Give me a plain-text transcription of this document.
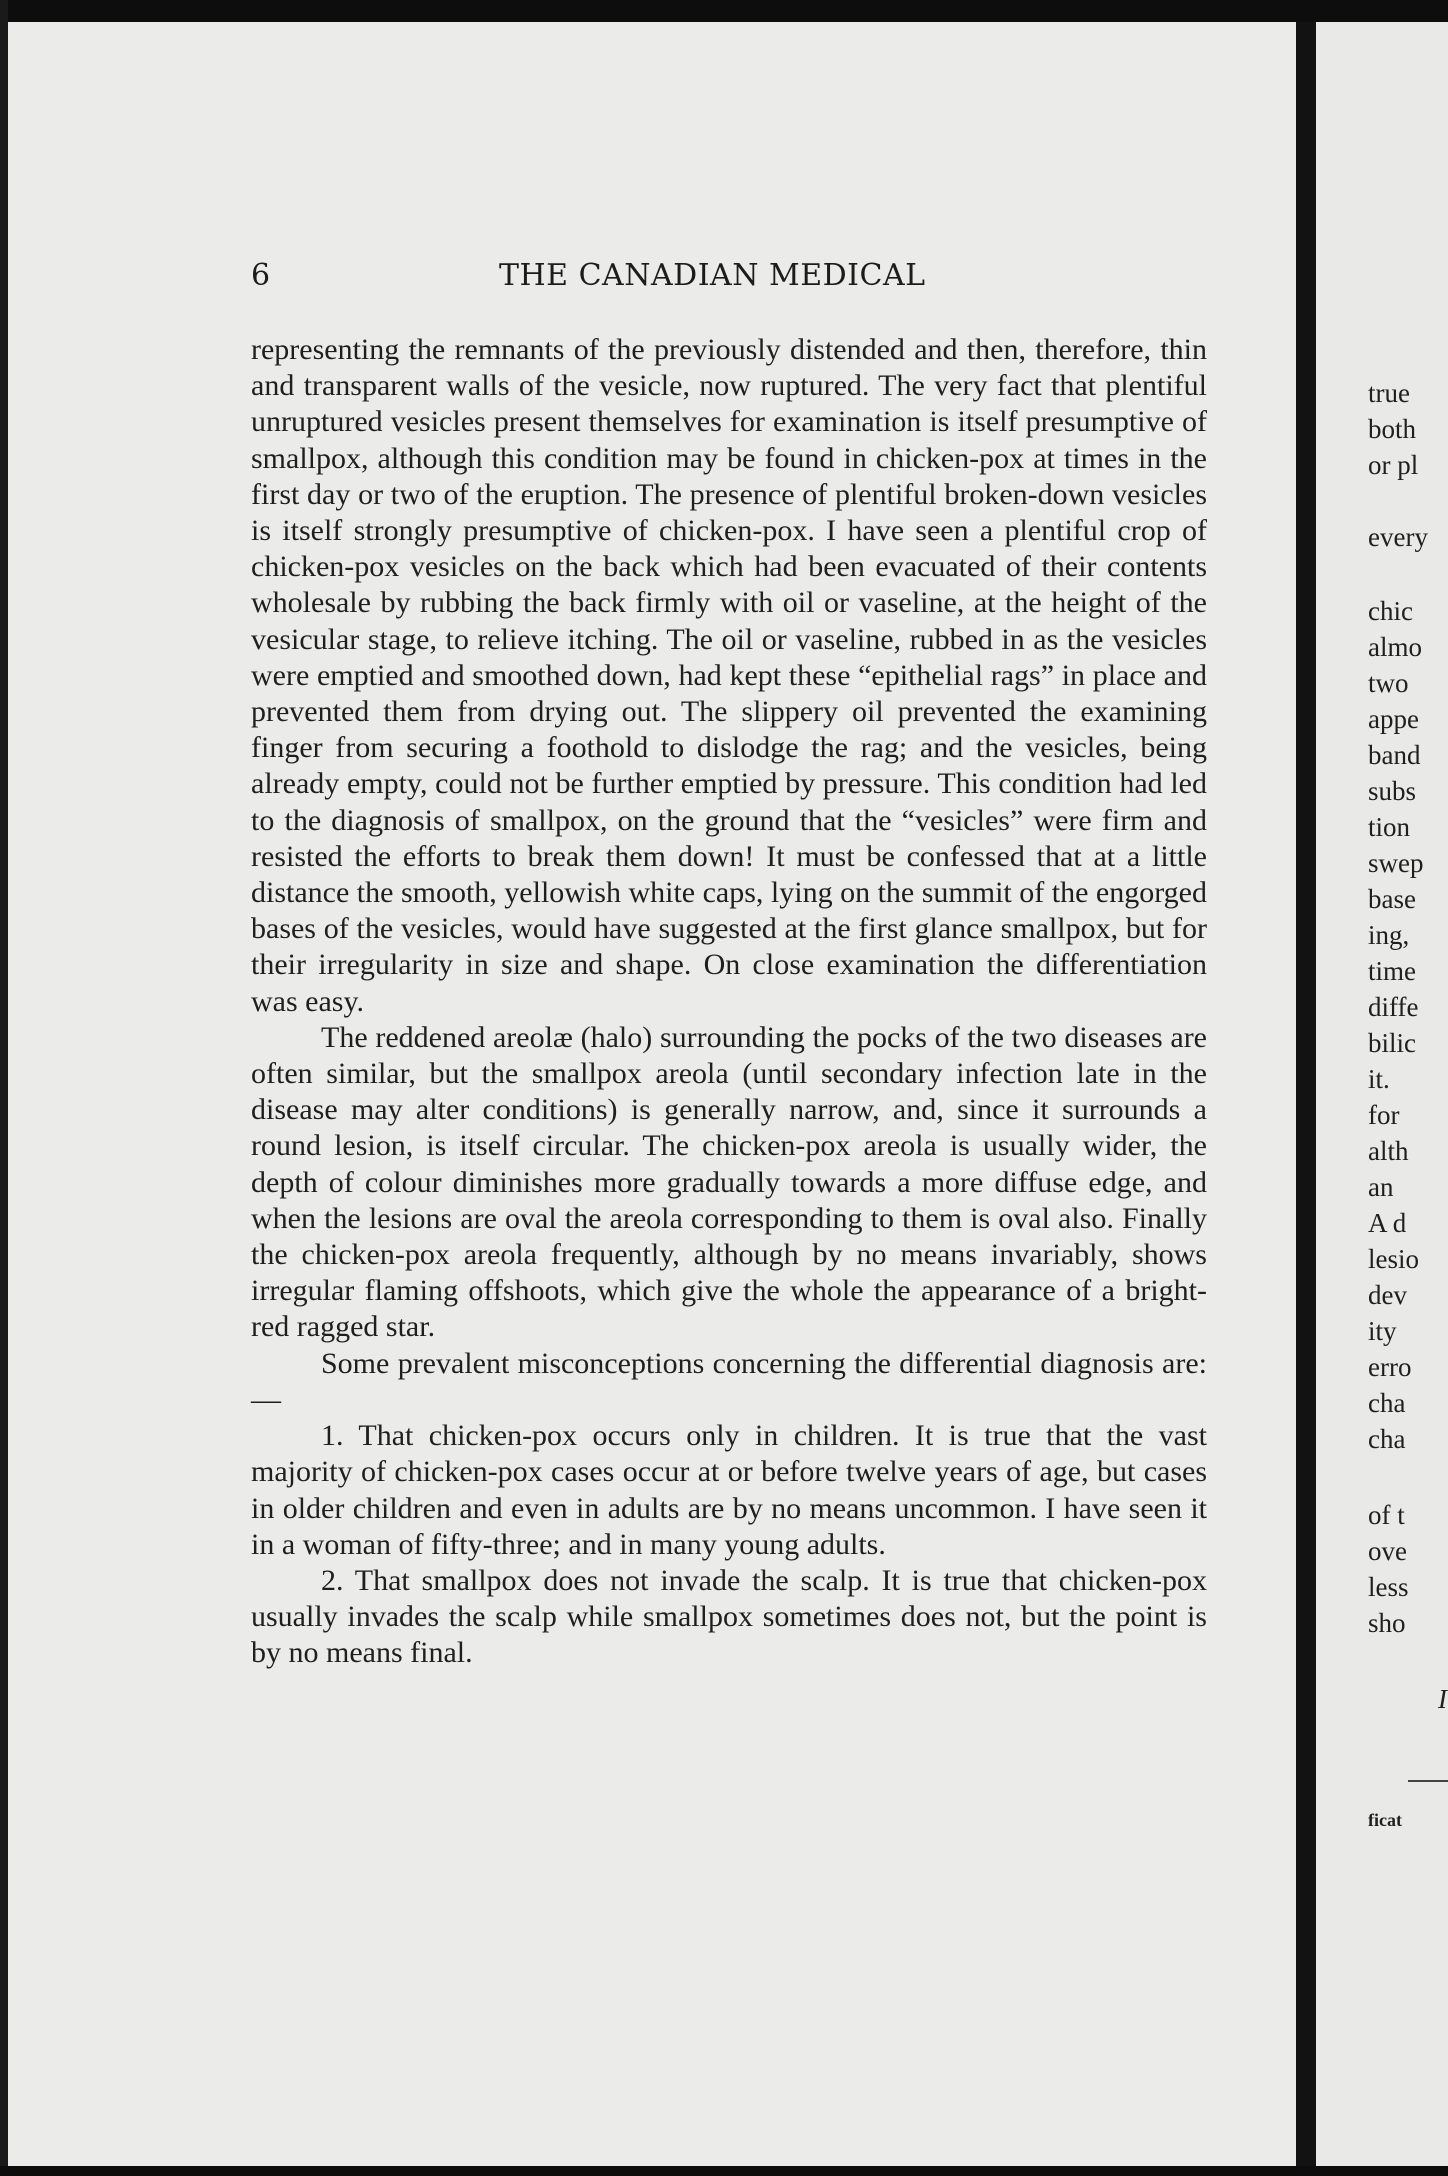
6	THE CANADIAN MEDICAL

representing the remnants of the previously distended and then, therefore, thin and transparent walls of the vesicle, now ruptured. The very fact that plentiful unruptured vesicles present themselves for examination is itself presumptive of smallpox, although this condition may be found in chicken-pox at times in the first day or two of the eruption. The presence of plentiful broken-down vesicles is itself strongly presumptive of chicken-pox. I have seen a plentiful crop of chicken-pox vesicles on the back which had been evacuated of their contents wholesale by rubbing the back firmly with oil or vaseline, at the height of the vesicular stage, to relieve itching. The oil or vaseline, rubbed in as the vesicles were emptied and smoothed down, had kept these “epithelial rags” in place and prevented them from drying out. The slippery oil prevented the examining finger from securing a foothold to dislodge the rag; and the vesicles, being already empty, could not be further emptied by pressure. This condition had led to the diagnosis of smallpox, on the ground that the “vesicles” were firm and resisted the efforts to break them down! It must be confessed that at a little distance the smooth, yellowish white caps, lying on the summit of the engorged bases of the vesicles, would have suggested at the first glance smallpox, but for their irregularity in size and shape. On close examination the differentiation was easy.

The reddened areolæ (halo) surrounding the pocks of the two diseases are often similar, but the smallpox areola (until secondary infection late in the disease may alter conditions) is generally narrow, and, since it surrounds a round lesion, is itself circular. The chicken-pox areola is usually wider, the depth of colour diminishes more gradually towards a more diffuse edge, and when the lesions are oval the areola corresponding to them is oval also. Finally the chicken-pox areola frequently, although by no means invariably, shows irregular flaming offshoots, which give the whole the appearance of a bright-red ragged star.

Some prevalent misconceptions concerning the differential diagnosis are:—

1. That chicken-pox occurs only in children. It is true that the vast majority of chicken-pox cases occur at or before twelve years of age, but cases in older children and even in adults are by no means uncommon. I have seen it in a woman of fifty-three; and in many young adults.

2. That smallpox does not invade the scalp. It is true that chicken-pox usually invades the scalp while smallpox sometimes does not, but the point is by no means final.

true
both
or pl
every
chic
almo
two
appe
band
subs
tion
swep
base
ing,
time
diffe
bilic
it.
for
alth
an
A d
lesio
dev
ity
erro
cha
cha
of t
ove
less
sho
I
ficat
